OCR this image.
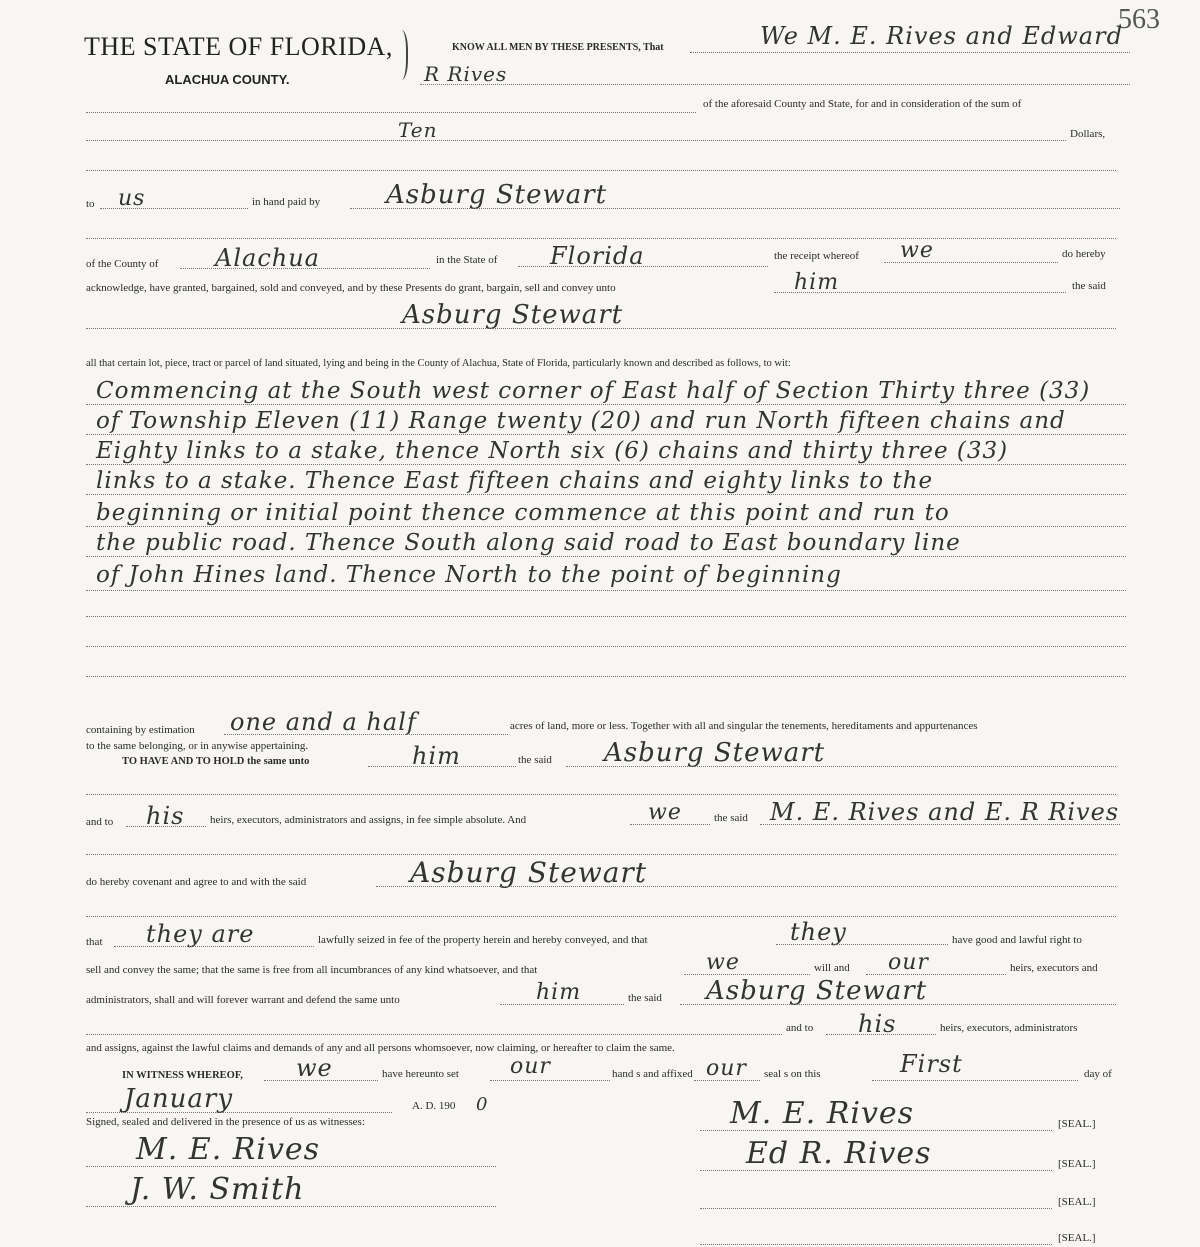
563
THE STATE OF FLORIDA,
ALACHUA COUNTY.
KNOW ALL MEN BY THESE PRESENTS, That	We M. E. Rives and Edward
R Rives
of the aforesaid County and State, for and in consideration of the sum of
Ten	Dollars,
to us	in hand paid by	Asburg Stewart
of the County of Alachua	in the State of Florida	the receipt whereof we	do hereby
acknowledge, have granted, bargained, sold and conveyed, and by these Presents do grant, bargain, sell and convey unto	him	the said
Asburg Stewart
all that certain lot, piece, tract or parcel of land situated, lying and being in the County of Alachua, State of Florida, particularly known and described as follows, to wit:
Commencing at the South west corner of East half of Section Thirty three (33)
of Township Eleven (11) Range twenty (20) and run North fifteen chains and
Eighty links to a stake, thence North six (6) chains and thirty three (33)
links to a stake. Thence East fifteen chains and eighty links to the
beginning or initial point thence commence at this point and run to
the public road. Thence South along said road to East boundary line
of John Hines land. Thence North to the point of beginning
containing by estimation one and a half	acres of land, more or less. Together with all and singular the tenements, hereditaments and appurtenances
to the same belonging, or in anywise appertaining.
TO HAVE AND TO HOLD the same unto	him	the said Asburg Stewart
and to his heirs, executors, administrators and assigns, in fee simple absolute. And	we	the said M. E. Rives and E. R Rives
do hereby covenant and agree to and with the said	Asburg Stewart
that they are	lawfully seized in fee of the property herein and hereby conveyed, and that	they	have good and lawful right to
sell and convey the same; that the same is free from all incumbrances of any kind whatsoever, and that	we	will and our	heirs, executors and
administrators, shall and will forever warrant and defend the same unto	him	the said Asburg Stewart
and to his	heirs, executors, administrators
and assigns, against the lawful claims and demands of any and all persons whomsoever, now claiming, or hereafter to claim the same.
IN WITNESS WHEREOF, we	have hereunto set our	hand s and affixed our seal s on this	First	day of
January	A. D. 190 0
Signed, sealed and delivered in the presence of us as witnesses:
M. E. Rives
J. W. Smith
M. E. Rives	[SEAL.]
Ed R. Rives	[SEAL.]
[SEAL.]
[SEAL.]
